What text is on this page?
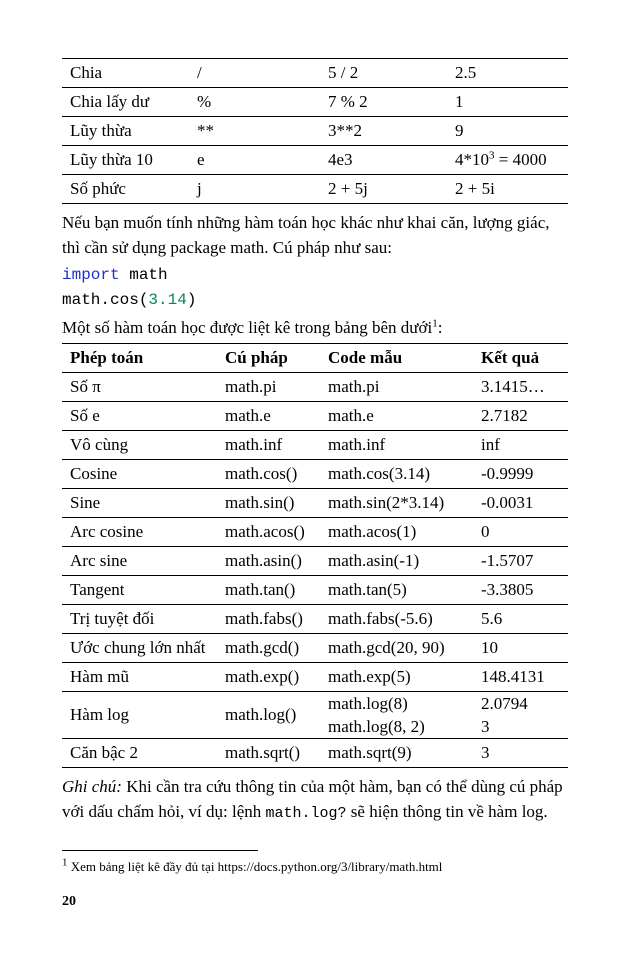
Chia	/	5 / 2	2.5
Chia lấy dư	%	7 % 2	1
Lũy thừa	**	3**2	9
Lũy thừa 10	e	4e3	$4*10^3 = 4000$
Số phức	j	2 + 5j	2 + 5i

Nếu bạn muốn tính những hàm toán học khác như khai căn, lượng giác, thì cần sử dụng package math. Cú pháp như sau:

import math

math.cos(3.14)

Một số hàm toán học được liệt kê trong bảng bên dưới$^1$:

Phép toán	Cú pháp	Code mẫu	Kết quả
Số π	math.pi	math.pi	3.1415…
Số e	math.e	math.e	2.7182
Vô cùng	math.inf	math.inf	inf
Cosine	math.cos()	math.cos(3.14)	-0.9999
Sine	math.sin()	math.sin(2*3.14)	-0.0031
Arc cosine	math.acos()	math.acos(1)	0
Arc sine	math.asin()	math.asin(-1)	-1.5707
Tangent	math.tan()	math.tan(5)	-3.3805
Trị tuyệt đối	math.fabs()	math.fabs(-5.6)	5.6
Ước chung lớn nhất	math.gcd()	math.gcd(20, 90)	10
Hàm mũ	math.exp()	math.exp(5)	148.4131
Hàm log	math.log()	math.log(8)	2.0794
		math.log(8, 2)	3
Căn bậc 2	math.sqrt()	math.sqrt(9)	3

Ghi chú: Khi cần tra cứu thông tin của một hàm, bạn có thể dùng cú pháp với dấu chấm hỏi, ví dụ: lệnh math.log? sẽ hiện thông tin về hàm log.

$^1$ Xem bảng liệt kê đầy đủ tại https://docs.python.org/3/library/math.html
20
